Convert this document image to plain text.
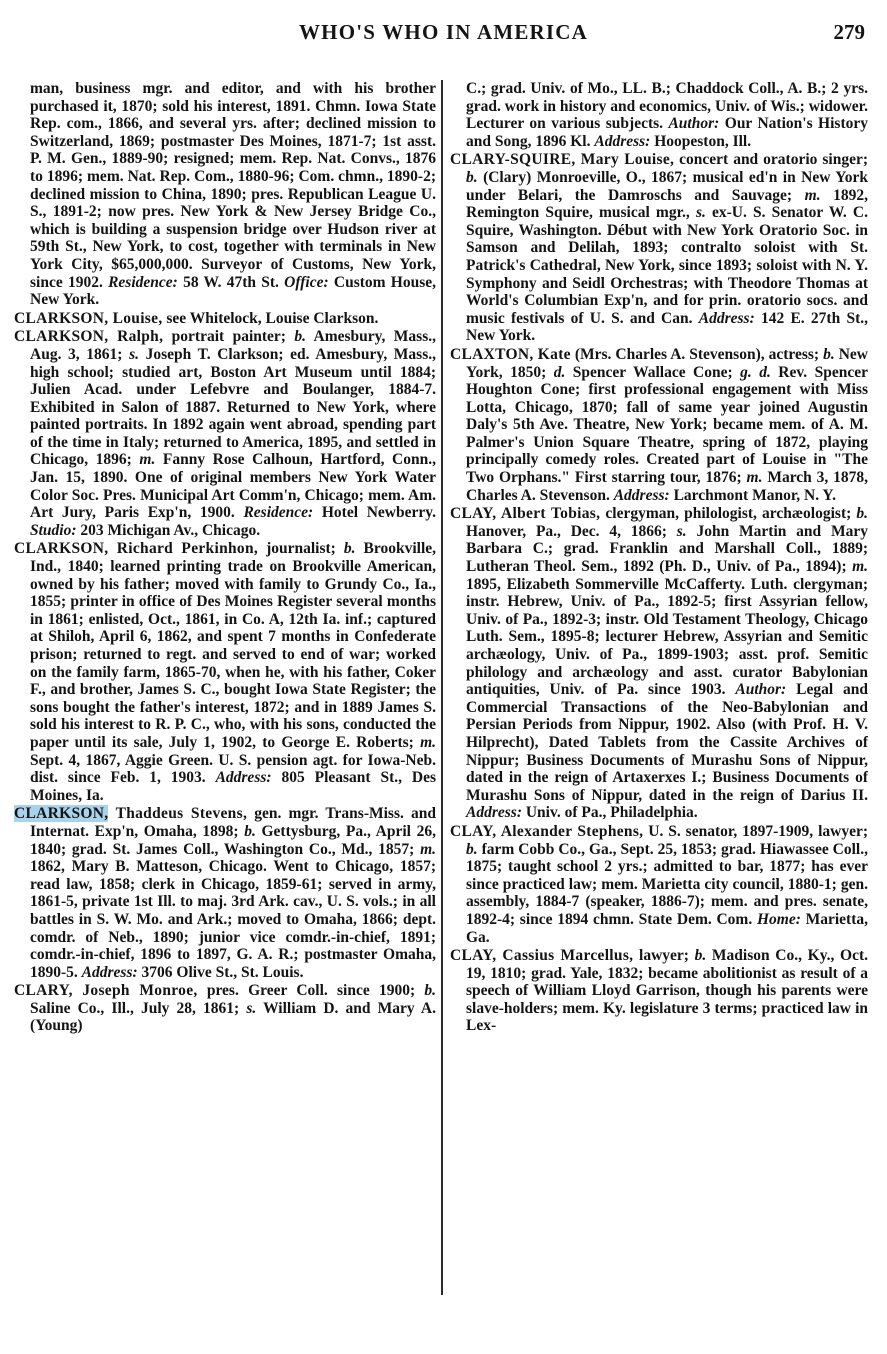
WHO'S WHO IN AMERICA	279

man, business mgr. and editor, and with his brother purchased it, 1870; sold his interest, 1891. Chmn. Iowa State Rep. com., 1866, and several yrs. after; declined mission to Switzerland, 1869; postmaster Des Moines, 1871-7; 1st asst. P. M. Gen., 1889-90; resigned; mem. Rep. Nat. Convs., 1876 to 1896; mem. Nat. Rep. Com., 1880-96; Com. chmn., 1890-2; declined mission to China, 1890; pres. Republican League U. S., 1891-2; now pres. New York & New Jersey Bridge Co., which is building a suspension bridge over Hudson river at 59th St., New York, to cost, together with terminals in New York City, $65,000,000. Surveyor of Customs, New York, since 1902. Residence: 58 W. 47th St. Office: Custom House, New York.

CLARKSON, Louise, see Whitelock, Louise Clarkson.

CLARKSON, Ralph, portrait painter; b. Amesbury, Mass., Aug. 3, 1861; s. Joseph T. Clarkson; ed. Amesbury, Mass., high school; studied art, Boston Art Museum until 1884; Julien Acad. under Lefebvre and Boulanger, 1884-7. Exhibited in Salon of 1887. Returned to New York, where painted portraits. In 1892 again went abroad, spending part of the time in Italy; returned to America, 1895, and settled in Chicago, 1896; m. Fanny Rose Calhoun, Hartford, Conn., Jan. 15, 1890. One of original members New York Water Color Soc. Pres. Municipal Art Comm'n, Chicago; mem. Am. Art Jury, Paris Exp'n, 1900. Residence: Hotel Newberry. Studio: 203 Michigan Av., Chicago.

CLARKSON, Richard Perkinhon, journalist; b. Brookville, Ind., 1840; learned printing trade on Brookville American, owned by his father; moved with family to Grundy Co., Ia., 1855; printer in office of Des Moines Register several months in 1861; enlisted, Oct., 1861, in Co. A, 12th Ia. inf.; captured at Shiloh, April 6, 1862, and spent 7 months in Confederate prison; returned to regt. and served to end of war; worked on the family farm, 1865-70, when he, with his father, Coker F., and brother, James S. C., bought Iowa State Register; the sons bought the father's interest, 1872; and in 1889 James S. sold his interest to R. P. C., who, with his sons, conducted the paper until its sale, July 1, 1902, to George E. Roberts; m. Sept. 4, 1867, Aggie Green. U. S. pension agt. for Iowa-Neb. dist. since Feb. 1, 1903. Address: 805 Pleasant St., Des Moines, Ia.

CLARKSON, Thaddeus Stevens, gen. mgr. Trans-Miss. and Internat. Exp'n, Omaha, 1898; b. Gettysburg, Pa., April 26, 1840; grad. St. James Coll., Washington Co., Md., 1857; m. 1862, Mary B. Matteson, Chicago. Went to Chicago, 1857; read law, 1858; clerk in Chicago, 1859-61; served in army, 1861-5, private 1st Ill. to maj. 3rd Ark. cav., U. S. vols.; in all battles in S. W. Mo. and Ark.; moved to Omaha, 1866; dept. comdr. of Neb., 1890; junior vice comdr.-in-chief, 1891; comdr.-in-chief, 1896 to 1897, G. A. R.; postmaster Omaha, 1890-5. Address: 3706 Olive St., St. Louis.

CLARY, Joseph Monroe, pres. Greer Coll. since 1900; b. Saline Co., Ill., July 28, 1861; s. William D. and Mary A. (Young)

C.; grad. Univ. of Mo., LL. B.; Chaddock Coll., A. B.; 2 yrs. grad. work in history and economics, Univ. of Wis.; widower. Lecturer on various subjects. Author: Our Nation's History and Song, 1896 Kl. Address: Hoopeston, Ill.

CLARY-SQUIRE, Mary Louise, concert and oratorio singer; b. (Clary) Monroeville, O., 1867; musical ed'n in New York under Belari, the Damroschs and Sauvage; m. 1892, Remington Squire, musical mgr., s. ex-U. S. Senator W. C. Squire, Washington. Début with New York Oratorio Soc. in Samson and Delilah, 1893; contralto soloist with St. Patrick's Cathedral, New York, since 1893; soloist with N. Y. Symphony and Seidl Orchestras; with Theodore Thomas at World's Columbian Exp'n, and for prin. oratorio socs. and music festivals of U. S. and Can. Address: 142 E. 27th St., New York.

CLAXTON, Kate (Mrs. Charles A. Stevenson), actress; b. New York, 1850; d. Spencer Wallace Cone; g. d. Rev. Spencer Houghton Cone; first professional engagement with Miss Lotta, Chicago, 1870; fall of same year joined Augustin Daly's 5th Ave. Theatre, New York; became mem. of A. M. Palmer's Union Square Theatre, spring of 1872, playing principally comedy roles. Created part of Louise in "The Two Orphans." First starring tour, 1876; m. March 3, 1878, Charles A. Stevenson. Address: Larchmont Manor, N. Y.

CLAY, Albert Tobias, clergyman, philologist, archæologist; b. Hanover, Pa., Dec. 4, 1866; s. John Martin and Mary Barbara C.; grad. Franklin and Marshall Coll., 1889; Lutheran Theol. Sem., 1892 (Ph. D., Univ. of Pa., 1894); m. 1895, Elizabeth Sommerville McCafferty. Luth. clergyman; instr. Hebrew, Univ. of Pa., 1892-5; first Assyrian fellow, Univ. of Pa., 1892-3; instr. Old Testament Theology, Chicago Luth. Sem., 1895-8; lecturer Hebrew, Assyrian and Semitic archæology, Univ. of Pa., 1899-1903; asst. prof. Semitic philology and archæology and asst. curator Babylonian antiquities, Univ. of Pa. since 1903. Author: Legal and Commercial Transactions of the Neo-Babylonian and Persian Periods from Nippur, 1902. Also (with Prof. H. V. Hilprecht), Dated Tablets from the Cassite Archives of Nippur; Business Documents of Murashu Sons of Nippur, dated in the reign of Artaxerxes I.; Business Documents of Murashu Sons of Nippur, dated in the reign of Darius II. Address: Univ. of Pa., Philadelphia.

CLAY, Alexander Stephens, U. S. senator, 1897-1909, lawyer; b. farm Cobb Co., Ga., Sept. 25, 1853; grad. Hiawassee Coll., 1875; taught school 2 yrs.; admitted to bar, 1877; has ever since practiced law; mem. Marietta city council, 1880-1; gen. assembly, 1884-7 (speaker, 1886-7); mem. and pres. senate, 1892-4; since 1894 chmn. State Dem. Com. Home: Marietta, Ga.

CLAY, Cassius Marcellus, lawyer; b. Madison Co., Ky., Oct. 19, 1810; grad. Yale, 1832; became abolitionist as result of a speech of William Lloyd Garrison, though his parents were slave-holders; mem. Ky. legislature 3 terms; practiced law in Lex-
